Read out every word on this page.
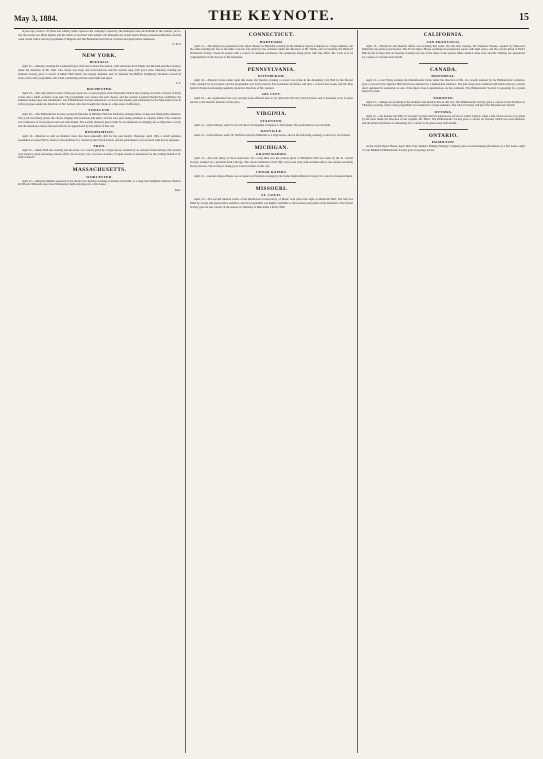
May 3, 1884.	THE KEYNOTE.	15

A year ago, when C. D. Hess was adding comic operas to his company's repertory, the managers were all doubtful of the venture, yet to-day the houses are filled nightly and the music is received with delight. On Thursday the Grand Opera House presented Maritana, and the week closed with a special programme of Mignon and The Bohemian Girl before crowded and appreciative audiences.

E. B. F.

NEW YORK.
BUFFALO.

April 21.—Monday evening the Liedertafel gave their last concert this season, with selections from Elijah, the Messiah and the Creation, under the direction of Mr. Jahn. The chorus was large and well balanced and the soloists sang with good taste. Thursday evening the Orpheus Society gave a concert at Music Hall which was largely attended, and on Saturday the Buffalo Symphony Orchestra closed its series with a fine programme, Mr. Lund conducting with his usual skill and spirit.

Z. Z.

ROCHESTER.

April 23.—The only musical event of the past week was a concert given at the Plymouth Church last evening, in which a chorus of thirty voices and a small orchestra took part. The programme was varied and well chosen, and the soloists acquitted themselves creditably, the audience being large and enthusiastic. The Philharmonic Society announces a concert next month, and rehearsals for the May festival are in active progress under the direction of Mr. Zeltner, who has brought the chorus to a fine state of efficiency.

SYRACUSE.

April 22.—The Philharmonic Society produced Palestine in Baldwin Hall last Thursday evening before a large and fashionable audience. The work was finely given, the chorus singing with precision and spirit, and the solo parts being entrusted to capable artists. The orchestra was composed of local players and was well drilled. The society deserves great credit for its enterprise in bringing out so important a work, and the attendance shows that such efforts are appreciated by the public of this city.

BINGHAMTON.

April 22.—Musical as well as dramatic news has been unusually dull for the past month. Thursday, April 10th, a small audience assembled at Lester Hall to listen to the rendition of a cantata by the Choral Union, and the performance was received with hearty applause.

TROY.

April 21.—Music Hall last evening was the scene of a concert given by a large chorus, assisted by an orchestra from Albany. The soloists were heard to great advantage and the affair was in every way a success. A series of organ recitals is announced for the coming month at St. Paul's Church.

MASSACHUSETTS.
WORCESTER.

April 21.—Margaret Mather appeared at the theatre last Tuesday evening, in Romeo and Juliet, to a large and delighted audience. Barlow & Wilson's Minstrels were here Wednesday night and played to a fair house.

Kate.

CONNECTICUT.
HARTFORD.

April 21.—The Rajah was presented at the Opera House on Thursday evening by the Madison Square Company to a large audience. On the same evening the last of the dime concerts was given by the orchestra under the direction of Mr. Nettle, and on Saturday the Hartford Orchestral Society closed its season with a concert of unusual excellence, the symphony being given with fine effect. Mr. Cecil is to be congratulated on the success of his enterprise.

PENNSYLVANIA.
PITTSBURGH.

April 22.—Musical circles rather quiet this week. On Tuesday evening a concert was given in the Allegheny City Hall by the Mozart Club, assisted by local talent, and the programme was well received. The Germania Orchestra will give a concert next week, and the May festival chorus is rehearsing regularly under the direction of Mr. Gernert.

OIL CITY.

April 22.—An organization has very recently been effected here to be called the Oil City Choral Union, and it promises to be of great service to the musical interests of the place.

VIRGINIA.
STAUNTON.

April 21.—Opera House, April 22 and 23, Rice's Evangeline Company to fair houses. The performance was excellent.

DANVILLE.

April 21.—Opera House, April 18. Skiff & Gaylord's Minstrels to a large house, and on the following evening a concert by local talent.

MICHIGAN.
GRAND RAPIDS.

April 21.—The best thing we have heard here for a long time was the concert given at Hartman's Hall last week by the St. Cecilia Society, assisted by a quartette from Chicago. The chorus numbered about fifty voices and sang with excellent effect, the soloists receiving hearty encores. The society is doing good work for music in this city.

CEDAR RAPIDS.

April 21.—Greene's Opera House was occupied on Thursday evening by the Cedar Rapids Musical Society in a concert of unusual merit.

MISSOURI.
ST. LOUIS.

April 21.—The second musical soirée of the Beethoven Conservatory of Music took place last night at Memorial Hall. The hall was filled by a large and appreciative audience, and the programme was highly creditable to the teachers and pupils of the institution. The Choral Society gave its last concert of the season on Thursday at Mercantile Library Hall.

CALIFORNIA.
SAN FRANCISCO.

April 15.—Theatrical and musical affairs are booming this week. On and after Sunday, the Standard Theatre, opened by Emerson's Minstrels, has given good houses. The Tivoli Opera House continues its prosperous career with light opera, and the concert given at Platt's Hall by the Loring Club on Tuesday evening was one of the finest of the season. Mme. Annie Louise Cary and Mr. Whitney are announced for a series of concerts next month.

CANADA.
MONTREAL.

April 21.—Last Friday evening the Mendelssohn Choir, under the direction of Mr. Jos. Gould, assisted by the Philharmonic orchestra, gave a concert in the Queen's Hall which was attended by a fashionable audience. The part songs were rendered with much delicacy, and the choir sustained its reputation as one of the finest choral organizations on the continent. The Philharmonic Society is preparing for a grand festival in June.

TORONTO.

April 21.—Things are booming in the dramatic and musical line in this city. The Philharmonic Society gave a concert in the Pavilion on Thursday evening, when a fine programme was rendered to a large audience. The Choral Society will give The Messiah next month.

OTTAWA.

April 21.—On Sunday the 20th, St. George's Society held its anniversary service at Christ Church, when a fine choral service was given by the choir under the direction of the organist, Mr. Birch. The Philharmonic Society gave a concert on Tuesday which was well attended, and the Ottawa Orchestra is rehearsing for a concert to be given early next month.

ONTARIO.
HAMILTON.

At the Grand Opera House, April 16th, Tony Denier's Humpty Dumpty Company gave an entertaining performance to a fair house. April 21, the Hamilton Philharmonic Society gave its spring concert.
